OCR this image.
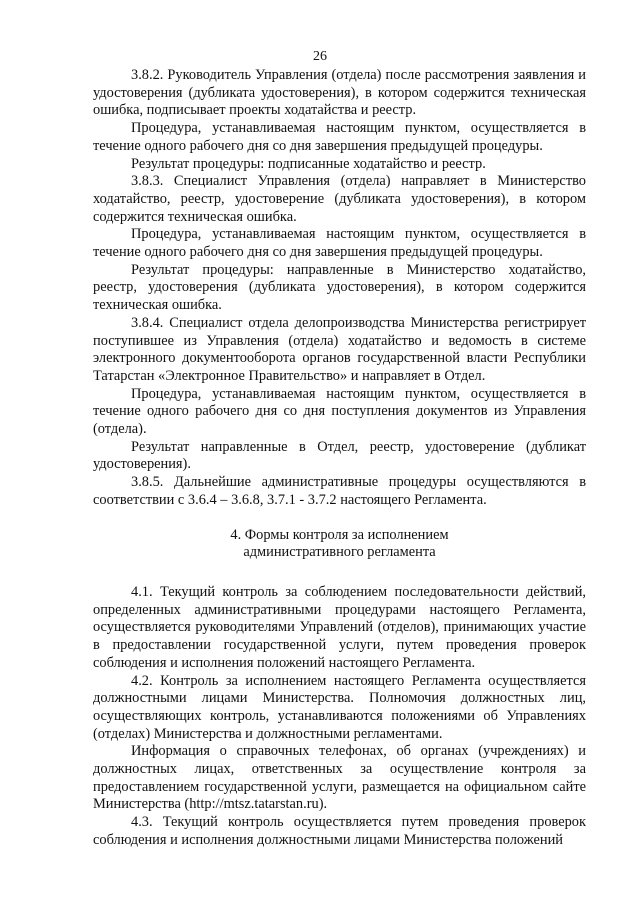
26

3.8.2. Руководитель Управления (отдела) после рассмотрения заявления и удостоверения (дубликата удостоверения), в котором содержится техническая ошибка, подписывает проекты ходатайства и реестр.

Процедура, устанавливаемая настоящим пунктом, осуществляется в течение одного рабочего дня со дня завершения предыдущей процедуры.

Результат процедуры: подписанные ходатайство и реестр.

3.8.3. Специалист Управления (отдела) направляет в Министерство ходатайство, реестр, удостоверение (дубликата удостоверения), в котором содержится техническая ошибка.

Процедура, устанавливаемая настоящим пунктом, осуществляется в течение одного рабочего дня со дня завершения предыдущей процедуры.

Результат процедуры: направленные в Министерство ходатайство, реестр, удостоверения (дубликата удостоверения), в котором содержится техническая ошибка.

3.8.4. Специалист отдела делопроизводства Министерства регистрирует поступившее из Управления (отдела) ходатайство и ведомость в системе электронного документооборота органов государственной власти Республики Татарстан «Электронное Правительство» и направляет в Отдел.

Процедура, устанавливаемая настоящим пунктом, осуществляется в течение одного рабочего дня со дня поступления документов из Управления (отдела).

Результат направленные в Отдел, реестр, удостоверение (дубликат удостоверения).

3.8.5. Дальнейшие административные процедуры осуществляются в соответствии с 3.6.4 – 3.6.8, 3.7.1 - 3.7.2 настоящего Регламента.

4. Формы контроля за исполнением
административного регламента

4.1. Текущий контроль за соблюдением последовательности действий, определенных административными процедурами настоящего Регламента, осуществляется руководителями Управлений (отделов), принимающих участие в предоставлении государственной услуги, путем проведения проверок соблюдения и исполнения положений настоящего Регламента.

4.2. Контроль за исполнением настоящего Регламента осуществляется должностными лицами Министерства. Полномочия должностных лиц, осуществляющих контроль, устанавливаются положениями об Управлениях (отделах) Министерства и должностными регламентами.

Информация о справочных телефонах, об органах (учреждениях) и должностных лицах, ответственных за осуществление контроля за предоставлением государственной услуги, размещается на официальном сайте Министерства (http://mtsz.tatarstan.ru).

4.3. Текущий контроль осуществляется путем проведения проверок соблюдения и исполнения должностными лицами Министерства положений
